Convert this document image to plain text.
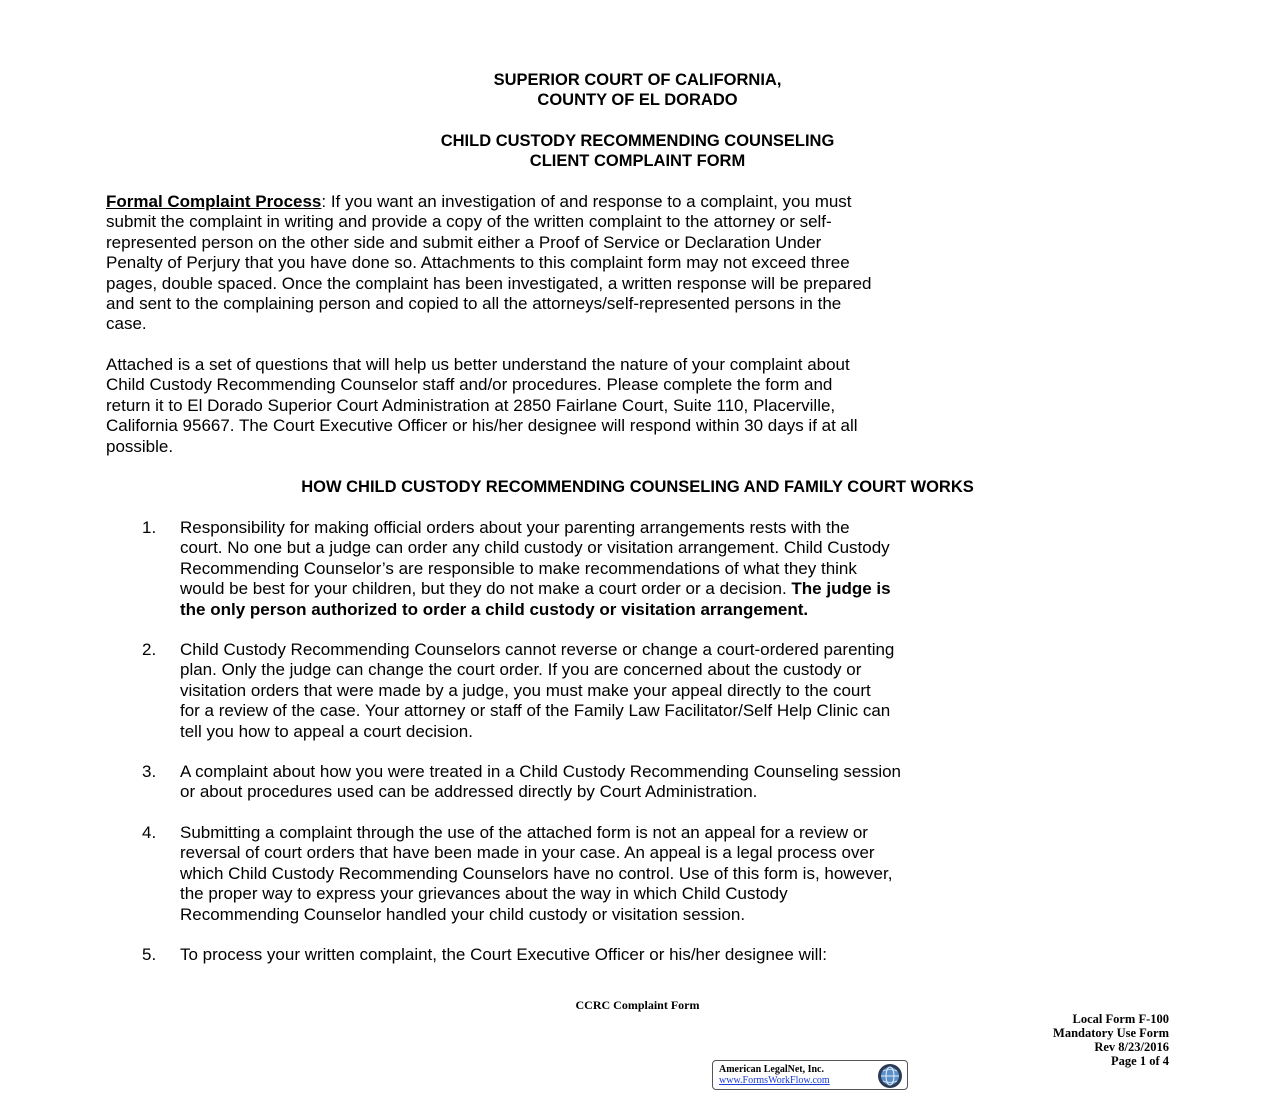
SUPERIOR COURT OF CALIFORNIA,
COUNTY OF EL DORADO
CHILD CUSTODY RECOMMENDING COUNSELING
CLIENT COMPLAINT FORM
Formal Complaint Process: If you want an investigation of and response to a complaint, you must
submit the complaint in writing and provide a copy of the written complaint to the attorney or self-
represented person on the other side and submit either a Proof of Service or Declaration Under
Penalty of Perjury that you have done so. Attachments to this complaint form may not exceed three
pages, double spaced. Once the complaint has been investigated, a written response will be prepared
and sent to the complaining person and copied to all the attorneys/self-represented persons in the
case.
Attached is a set of questions that will help us better understand the nature of your complaint about
Child Custody Recommending Counselor staff and/or procedures. Please complete the form and
return it to El Dorado Superior Court Administration at 2850 Fairlane Court, Suite 110, Placerville,
California 95667. The Court Executive Officer or his/her designee will respond within 30 days if at all
possible.
HOW CHILD CUSTODY RECOMMENDING COUNSELING AND FAMILY COURT WORKS
1.	Responsibility for making official orders about your parenting arrangements rests with the
court. No one but a judge can order any child custody or visitation arrangement. Child Custody
Recommending Counselor’s are responsible to make recommendations of what they think
would be best for your children, but they do not make a court order or a decision. The judge is
the only person authorized to order a child custody or visitation arrangement.
2.	Child Custody Recommending Counselors cannot reverse or change a court-ordered parenting
plan. Only the judge can change the court order. If you are concerned about the custody or
visitation orders that were made by a judge, you must make your appeal directly to the court
for a review of the case. Your attorney or staff of the Family Law Facilitator/Self Help Clinic can
tell you how to appeal a court decision.
3.	A complaint about how you were treated in a Child Custody Recommending Counseling session
or about procedures used can be addressed directly by Court Administration.
4.	Submitting a complaint through the use of the attached form is not an appeal for a review or
reversal of court orders that have been made in your case. An appeal is a legal process over
which Child Custody Recommending Counselors have no control. Use of this form is, however,
the proper way to express your grievances about the way in which Child Custody
Recommending Counselor handled your child custody or visitation session.
5.	To process your written complaint, the Court Executive Officer or his/her designee will:
CCRC Complaint Form
Local Form F-100
Mandatory Use Form
Rev 8/23/2016
Page 1 of 4
American LegalNet, Inc.
www.FormsWorkFlow.com
